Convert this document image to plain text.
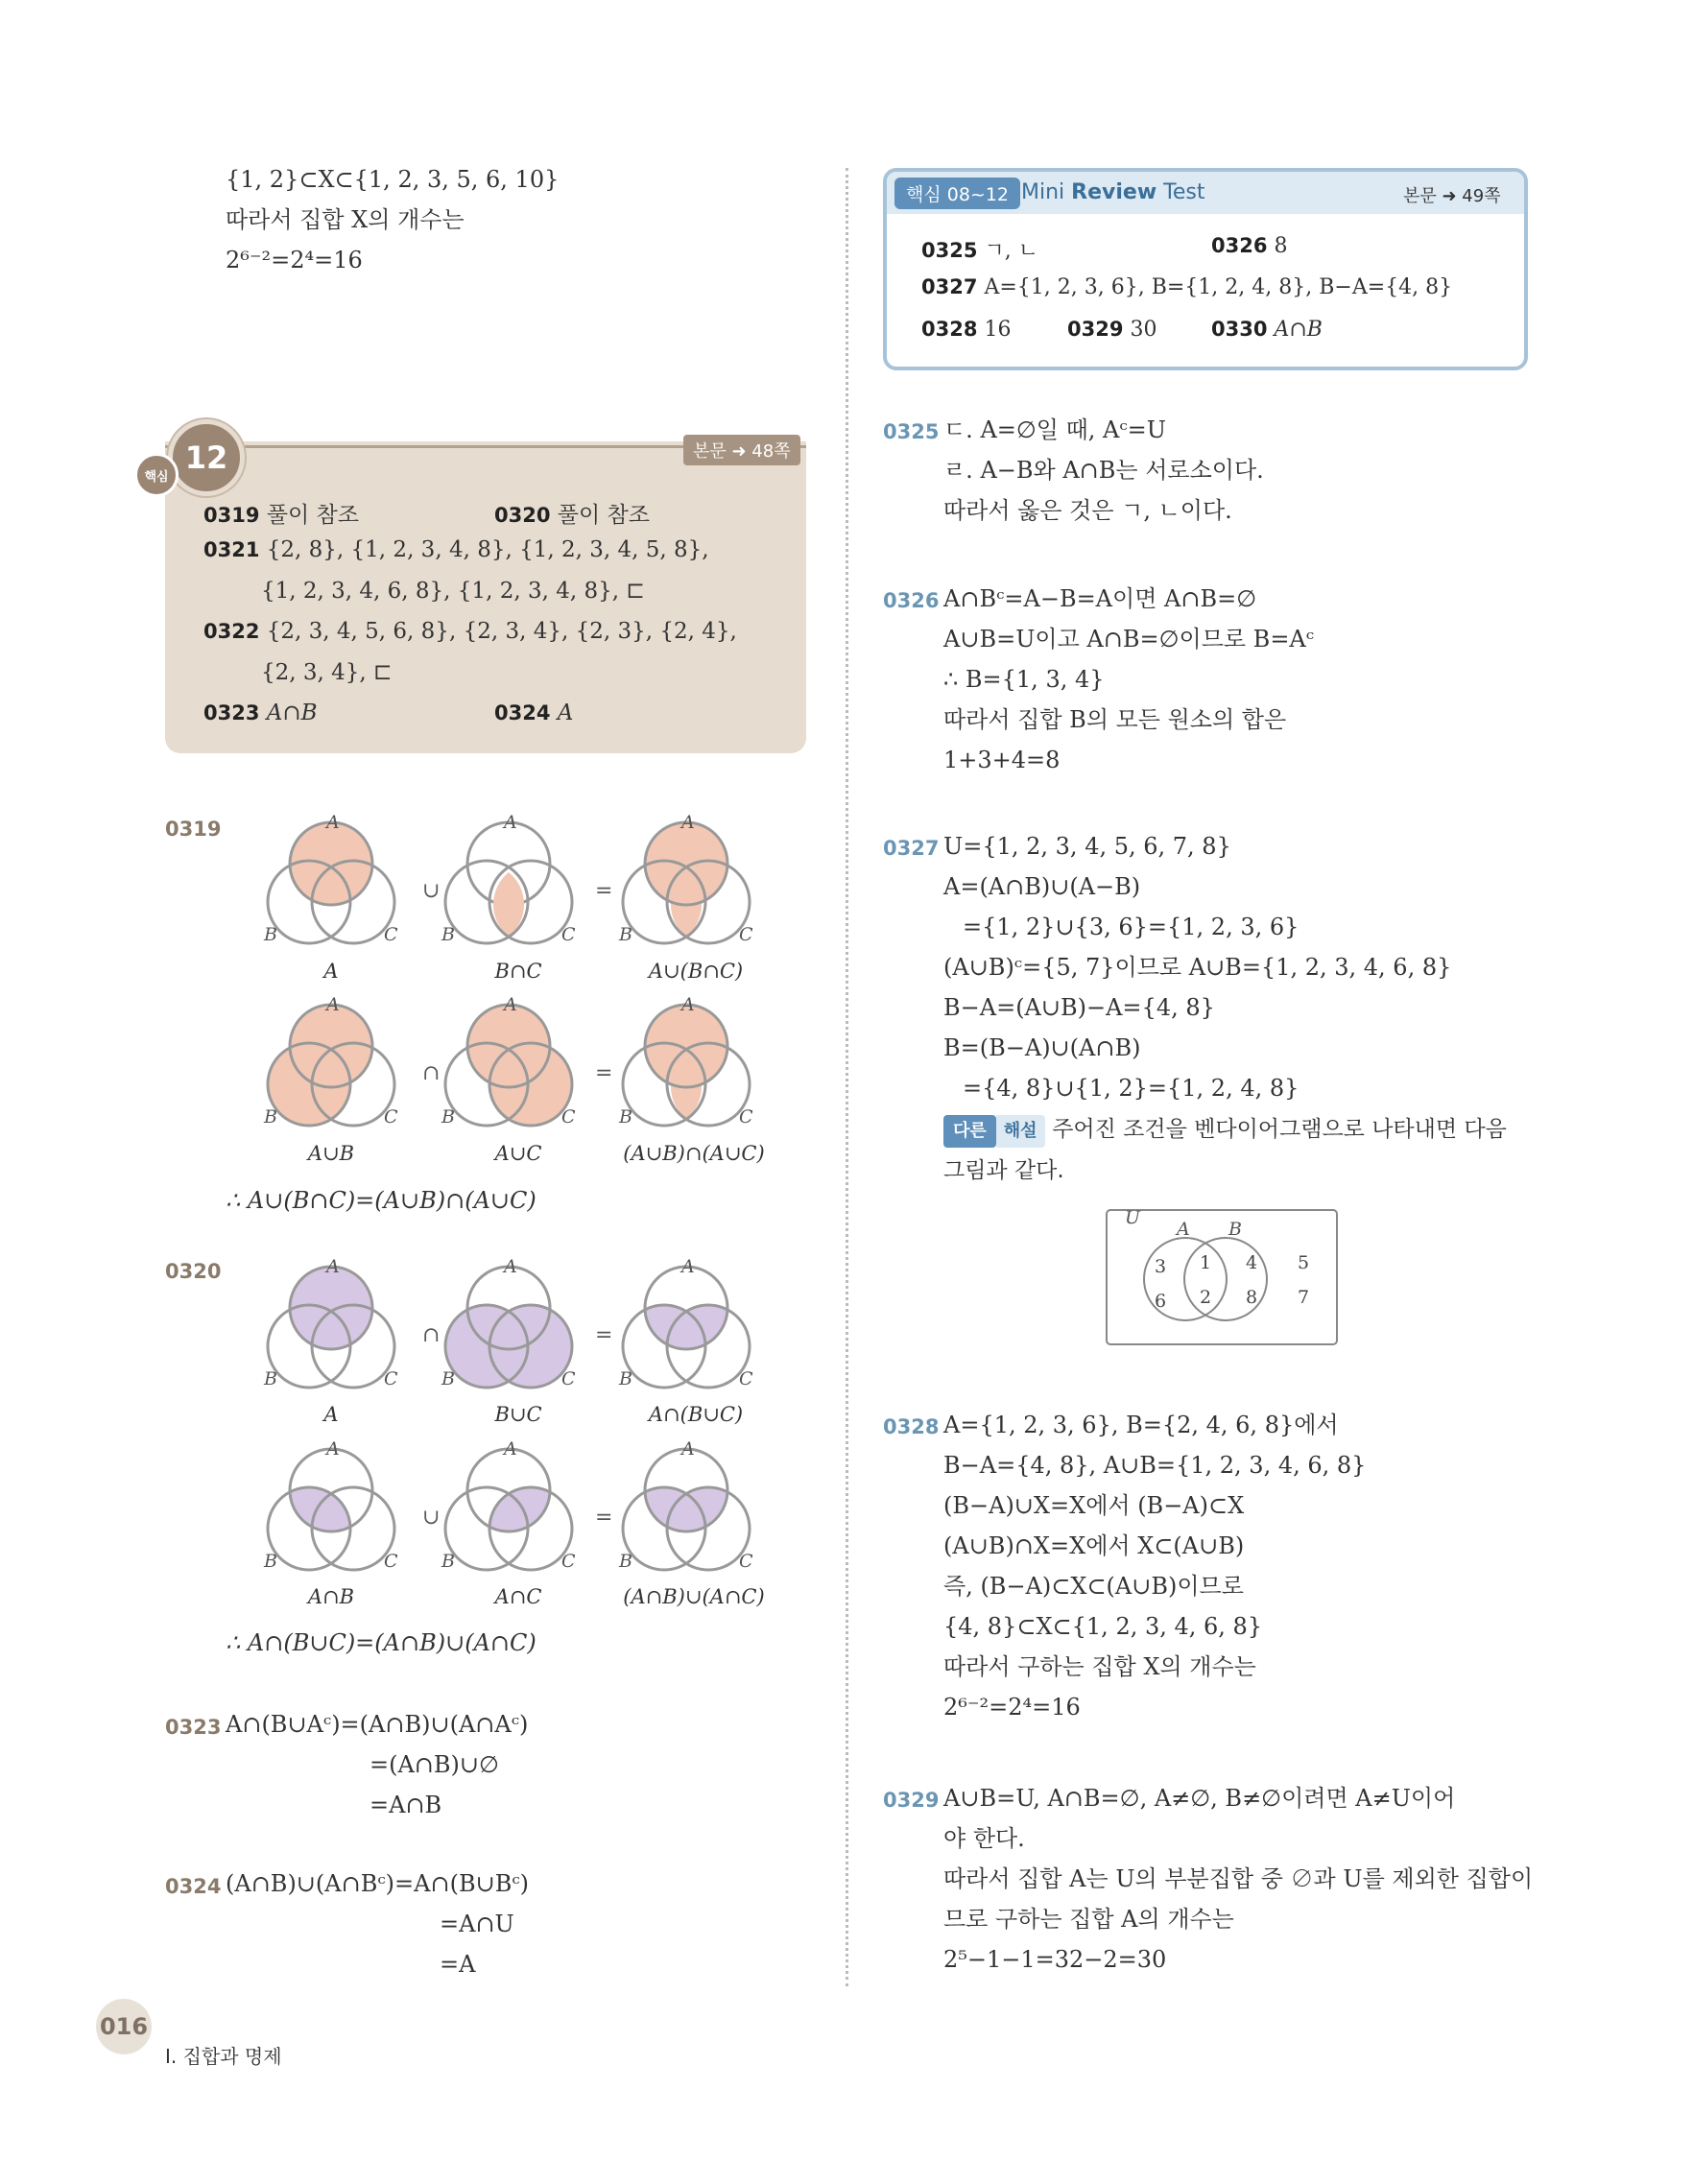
{1, 2}⊂X⊂{1, 2, 3, 5, 6, 10}
따라서 집합 X의 개수는
2⁶⁻²=2⁴=16
0319 풀이 참조	0320 풀이 참조
0321 {2, 8}, {1, 2, 3, 4, 8}, {1, 2, 3, 4, 5, 8},
{1, 2, 3, 4, 6, 8}, {1, 2, 3, 4, 8}, ⊏
0322 {2, 3, 4, 5, 6, 8}, {2, 3, 4}, {2, 3}, {2, 4},
{2, 3, 4}, ⊏
0323 A∩B	0324 A
12
핵심
본문 ➜ 48쪽
0319	A
B	C
∪
A
B	C
=
A
B	C
A
B	C
∩
A
B	C
=
A
B	C
A	B∩C	A∪(B∩C)
A∪B	A∪C	(A∪B)∩(A∪C)
∴ A∪(B∩C)=(A∪B)∩(A∪C)
0320	A
B	C
∩
A
B	C
=
A
B	C
A
B	C
∪
A
B	C
=
A
B	C
A	B∪C	A∩(B∪C)
A∩B	A∩C	(A∩B)∪(A∩C)
∴ A∩(B∪C)=(A∩B)∪(A∩C)
0323 A∩(B∪Aᶜ)=(A∩B)∪(A∩Aᶜ)
=(A∩B)∪∅
=A∩B
0324 (A∩B)∪(A∩Bᶜ)=A∩(B∪Bᶜ)
=A∩U
=A
핵심 08~12 Mini Review Test	본문 ➜ 49쪽
0325 ㄱ, ㄴ	0326 8
0327 A={1, 2, 3, 6}, B={1, 2, 4, 8}, B−A={4, 8}
0328 16	0329 30	0330 A∩B
0325 ㄷ. A=∅일 때, Aᶜ=U
ㄹ. A−B와 A∩B는 서로소이다.
따라서 옳은 것은 ㄱ, ㄴ이다.
0326 A∩Bᶜ=A−B=A이면 A∩B=∅
A∪B=U이고 A∩B=∅이므로 B=Aᶜ
∴ B={1, 3, 4}
따라서 집합 B의 모든 원소의 합은
1+3+4=8
0327 U={1, 2, 3, 4, 5, 6, 7, 8}
A=(A∩B)∪(A−B)
={1, 2}∪{3, 6}={1, 2, 3, 6}
(A∪B)ᶜ={5, 7}이므로 A∪B={1, 2, 3, 4, 6, 8}
B−A=(A∪B)−A={4, 8}
B=(B−A)∪(A∩B)
={4, 8}∪{1, 2}={1, 2, 4, 8}
다른 해설 주어진 조건을 벤다이어그램으로 나타내면 다음
그림과 같다.
U
A B
3
6
1
2
4
8
5
7
0328 A={1, 2, 3, 6}, B={2, 4, 6, 8}에서
B−A={4, 8}, A∪B={1, 2, 3, 4, 6, 8}
(B−A)∪X=X에서 (B−A)⊂X
(A∪B)∩X=X에서 X⊂(A∪B)
즉, (B−A)⊂X⊂(A∪B)이므로
{4, 8}⊂X⊂{1, 2, 3, 4, 6, 8}
따라서 구하는 집합 X의 개수는
2⁶⁻²=2⁴=16
0329 A∪B=U, A∩B=∅, A≠∅, B≠∅이려면 A≠U이어
야 한다.
따라서 집합 A는 U의 부분집합 중 ∅과 U를 제외한 집합이
므로 구하는 집합 A의 개수는
2⁵−1−1=32−2=30
016
I. 집합과 명제
